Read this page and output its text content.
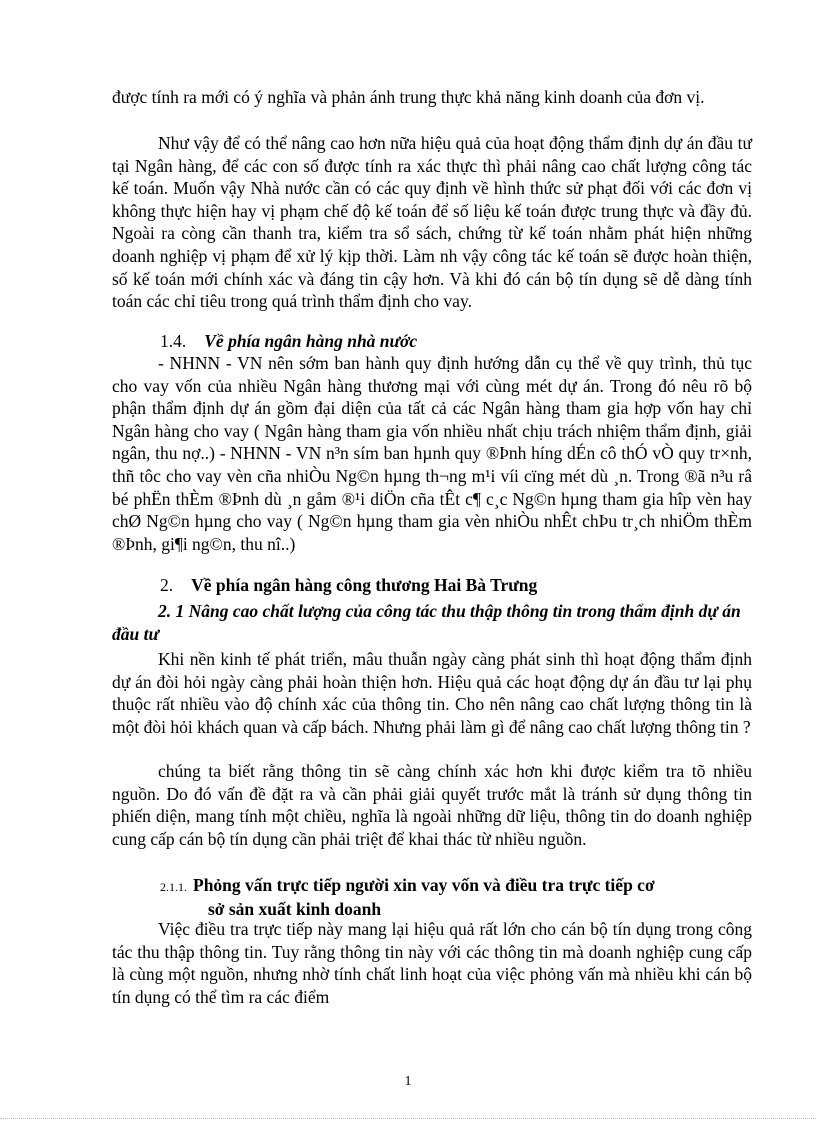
được tính ra mới có ý nghĩa và phản ánh trung thực khả năng kinh doanh của đơn vị.

Như vậy để có thể nâng cao hơn nữa hiệu quả của hoạt động thẩm định dự án đầu tư tại Ngân hàng, để các con số được tính ra xác thực thì phải nâng cao chất lượng công tác kế toán. Muốn vậy Nhà nước cần có các quy định về hình thức sử phạt đối với các đơn vị không thực hiện hay vị phạm chế độ kế toán để số liệu kế toán được trung thực và đầy đủ. Ngoài ra còng cần thanh tra, kiểm tra sổ sách, chứng từ kế toán nhằm phát hiện những doanh nghiệp vị phạm để xử lý kịp thời. Làm nh vậy công tác kế toán sẽ được hoàn thiện, số kế toán mới chính xác và đáng tin cậy hơn. Và khi đó cán bộ tín dụng sẽ dễ dàng tính toán các chỉ tiêu trong quá trình thẩm định cho vay.

1.4. Về phía ngân hàng nhà nước

- NHNN - VN nên sớm ban hành quy định hướng dẫn cụ thể về quy trình, thủ tục cho vay vốn của nhiều Ngân hàng thương mại với cùng mét dự án. Trong đó nêu rõ bộ phận thẩm định dự án gồm đại diện của tất cả các Ngân hàng tham gia hợp vốn hay chỉ Ngân hàng cho vay ( Ngân hàng tham gia vốn nhiều nhất chịu trách nhiệm thẩm định, giải ngân, thu nợ..) - NHNN - VN n³n sím ban hµnh quy ®Þnh híng dÉn cô thÓ vÒ quy tr×nh, thñ tôc cho vay vèn cña nhiÒu Ng©n hµng th¬ng m¹i víi cïng mét dù ¸n. Trong ®ã n³u râ bé phËn thÈm ®Þnh dù ¸n gåm ®¹i diÖn cña tÊt c¶ c¸c Ng©n hµng tham gia hîp vèn hay chØ Ng©n hµng cho vay ( Ng©n hµng tham gia vèn nhiÒu nhÊt chÞu tr¸ch nhiÖm thÈm ®Þnh, gi¶i ng©n, thu nî..)

2. Về phía ngân hàng công thương Hai Bà Trưng

2. 1 Nâng cao chất lượng của công tác thu thập thông tin trong thẩm định dự án đầu tư

Khi nền kinh tế phát triển, mâu thuẫn ngày càng phát sinh thì hoạt động thẩm định dự án đòi hỏi ngày càng phải hoàn thiện hơn. Hiệu quả các hoạt động dự án đầu tư lại phụ thuộc rất nhiều vào độ chính xác của thông tin. Cho nên nâng cao chất lượng thông tin là một đòi hỏi khách quan và cấp bách. Nhưng phải làm gì để nâng cao chất lượng thông tin ?

chúng ta biết rằng thông tin sẽ càng chính xác hơn khi được kiểm tra tõ nhiều nguồn. Do đó vấn đề đặt ra và cần phải giải quyết trước mắt là tránh sử dụng thông tin phiến diện, mang tính một chiều, nghĩa là ngoài những dữ liệu, thông tin do doanh nghiệp cung cấp cán bộ tín dụng cần phải triệt để khai thác từ nhiều nguồn.

2.1.1. Phỏng vấn trực tiếp người xin vay vốn và điều tra trực tiếp cơ
sở sản xuất kinh doanh

Việc điều tra trực tiếp này mang lại hiệu quả rất lớn cho cán bộ tín dụng trong công tác thu thập thông tin. Tuy rằng thông tin này với các thông tin mà doanh nghiệp cung cấp là cùng một nguồn, nhưng nhờ tính chất linh hoạt của việc phỏng vấn mà nhiều khi cán bộ tín dụng có thể tìm ra các điểm

1
